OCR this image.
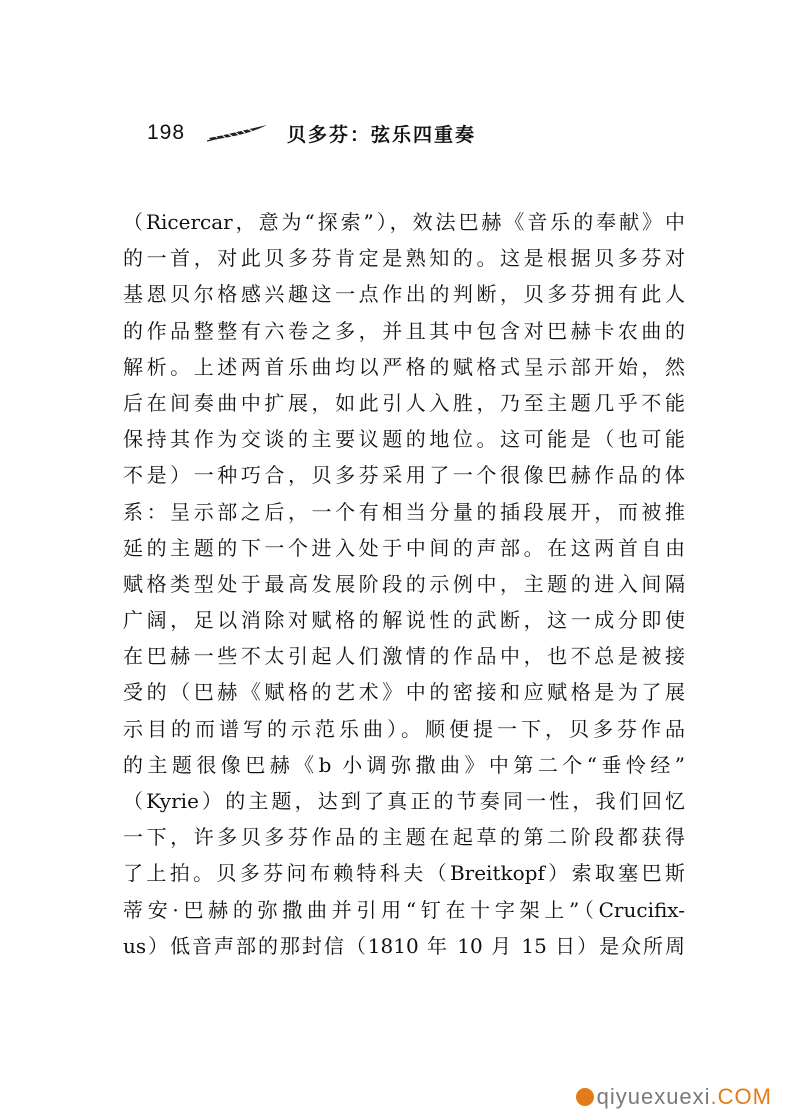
198	贝多芬：弦乐四重奏
（Ricercar，意为“探索”），效法巴赫《音乐的奉献》中
的一首，对此贝多芬肯定是熟知的。这是根据贝多芬对
基恩贝尔格感兴趣这一点作出的判断，贝多芬拥有此人
的作品整整有六卷之多，并且其中包含对巴赫卡农曲的
解析。上述两首乐曲均以严格的赋格式呈示部开始，然
后在间奏曲中扩展，如此引人入胜，乃至主题几乎不能
保持其作为交谈的主要议题的地位。这可能是（也可能
不是）一种巧合，贝多芬采用了一个很像巴赫作品的体
系：呈示部之后，一个有相当分量的插段展开，而被推
延的主题的下一个进入处于中间的声部。在这两首自由
赋格类型处于最高发展阶段的示例中，主题的进入间隔
广阔，足以消除对赋格的解说性的武断，这一成分即使
在巴赫一些不太引起人们激情的作品中，也不总是被接
受的（巴赫《赋格的艺术》中的密接和应赋格是为了展
示目的而谱写的示范乐曲）。顺便提一下，贝多芬作品
的主题很像巴赫《b 小调弥撒曲》中第二个“垂怜经”
（Kyrie）的主题，达到了真正的节奏同一性，我们回忆
一下，许多贝多芬作品的主题在起草的第二阶段都获得
了上拍。贝多芬问布赖特科夫（Breitkopf）索取塞巴斯
蒂安·巴赫的弥撒曲并引用“钉在十字架上”（Crucifix-
us）低音声部的那封信（1810 年 10 月 15 日）是众所周
qiyuexuexi.COM
